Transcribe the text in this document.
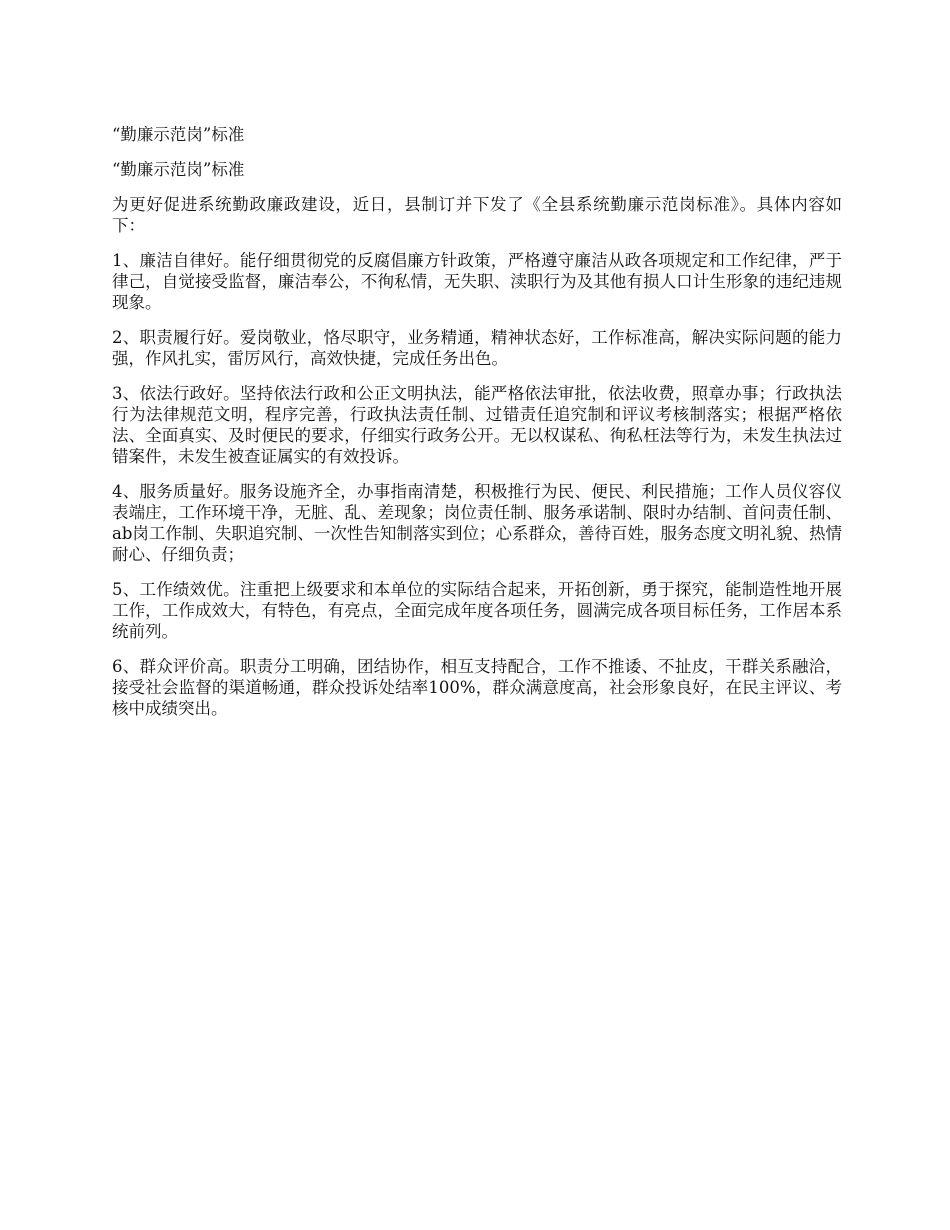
“勤廉示范岗”标准

“勤廉示范岗”标准

为更好促进系统勤政廉政建设，近日，县制订并下发了《全县系统勤廉示范岗标准》。具体内容如下：

1、廉洁自律好。能仔细贯彻党的反腐倡廉方针政策，严格遵守廉洁从政各项规定和工作纪律，严于律己，自觉接受监督，廉洁奉公，不徇私情，无失职、渎职行为及其他有损人口计生形象的违纪违规现象。

2、职责履行好。爱岗敬业，恪尽职守，业务精通，精神状态好，工作标准高，解决实际问题的能力强，作风扎实，雷厉风行，高效快捷，完成任务出色。

3、依法行政好。坚持依法行政和公正文明执法，能严格依法审批，依法收费，照章办事；行政执法行为法律规范文明，程序完善，行政执法责任制、过错责任追究制和评议考核制落实；根据严格依法、全面真实、及时便民的要求，仔细实行政务公开。无以权谋私、徇私枉法等行为，未发生执法过错案件，未发生被查证属实的有效投诉。

4、服务质量好。服务设施齐全，办事指南清楚，积极推行为民、便民、利民措施；工作人员仪容仪表端庄，工作环境干净，无脏、乱、差现象；岗位责任制、服务承诺制、限时办结制、首问责任制、ab岗工作制、失职追究制、一次性告知制落实到位；心系群众，善待百姓，服务态度文明礼貌、热情耐心、仔细负责；

5、工作绩效优。注重把上级要求和本单位的实际结合起来，开拓创新，勇于探究，能制造性地开展工作，工作成效大，有特色，有亮点，全面完成年度各项任务，圆满完成各项目标任务，工作居本系统前列。

6、群众评价高。职责分工明确，团结协作，相互支持配合，工作不推诿、不扯皮，干群关系融洽，接受社会监督的渠道畅通，群众投诉处结率100%，群众满意度高，社会形象良好，在民主评议、考核中成绩突出。
